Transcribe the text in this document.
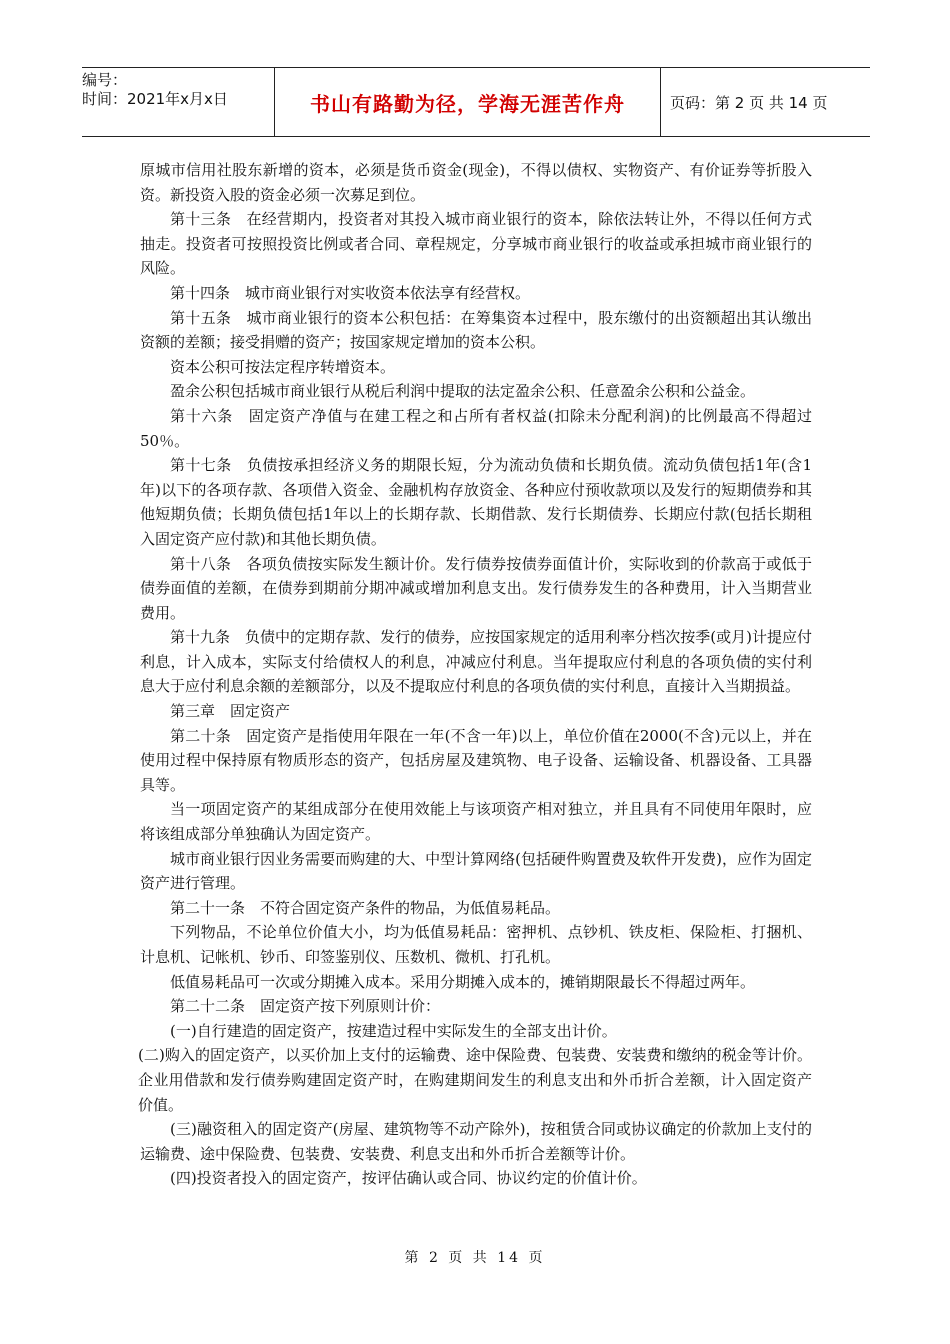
编号：
时间：2021年x月x日	书山有路勤为径，学海无涯苦作舟	页码：第 2 页 共 14 页

原城市信用社股东新增的资本，必须是货币资金(现金)，不得以债权、实物资产、有价证券等折股入资。新投资入股的资金必须一次募足到位。

第十三条　在经营期内，投资者对其投入城市商业银行的资本，除依法转让外，不得以任何方式抽走。投资者可按照投资比例或者合同、章程规定，分享城市商业银行的收益或承担城市商业银行的风险。

第十四条　城市商业银行对实收资本依法享有经营权。

第十五条　城市商业银行的资本公积包括：在筹集资本过程中，股东缴付的出资额超出其认缴出资额的差额；接受捐赠的资产；按国家规定增加的资本公积。

资本公积可按法定程序转增资本。

盈余公积包括城市商业银行从税后利润中提取的法定盈余公积、任意盈余公积和公益金。

第十六条　固定资产净值与在建工程之和占所有者权益(扣除未分配利润)的比例最高不得超过50％。

第十七条　负债按承担经济义务的期限长短，分为流动负债和长期负债。流动负债包括1年(含1年)以下的各项存款、各项借入资金、金融机构存放资金、各种应付预收款项以及发行的短期债券和其他短期负债；长期负债包括1年以上的长期存款、长期借款、发行长期债券、长期应付款(包括长期租入固定资产应付款)和其他长期负债。

第十八条　各项负债按实际发生额计价。发行债券按债券面值计价，实际收到的价款高于或低于债券面值的差额，在债券到期前分期冲减或增加利息支出。发行债券发生的各种费用，计入当期营业费用。

第十九条　负债中的定期存款、发行的债券，应按国家规定的适用利率分档次按季(或月)计提应付利息，计入成本，实际支付给债权人的利息，冲减应付利息。当年提取应付利息的各项负债的实付利息大于应付利息余额的差额部分，以及不提取应付利息的各项负债的实付利息，直接计入当期损益。

第三章　固定资产

第二十条　固定资产是指使用年限在一年(不含一年)以上，单位价值在2000(不含)元以上，并在使用过程中保持原有物质形态的资产，包括房屋及建筑物、电子设备、运输设备、机器设备、工具器具等。

当一项固定资产的某组成部分在使用效能上与该项资产相对独立，并且具有不同使用年限时，应将该组成部分单独确认为固定资产。

城市商业银行因业务需要而购建的大、中型计算网络(包括硬件购置费及软件开发费)，应作为固定资产进行管理。

第二十一条　不符合固定资产条件的物品，为低值易耗品。

下列物品，不论单位价值大小，均为低值易耗品：密押机、点钞机、铁皮柜、保险柜、打捆机、计息机、记帐机、钞币、印签鉴别仪、压数机、微机、打孔机。

低值易耗品可一次或分期摊入成本。采用分期摊入成本的，摊销期限最长不得超过两年。

第二十二条　固定资产按下列原则计价：

(一)自行建造的固定资产，按建造过程中实际发生的全部支出计价。

(二)购入的固定资产，以买价加上支付的运输费、途中保险费、包装费、安装费和缴纳的税金等计价。企业用借款和发行债券购建固定资产时，在购建期间发生的利息支出和外币折合差额，计入固定资产价值。

(三)融资租入的固定资产(房屋、建筑物等不动产除外)，按租赁合同或协议确定的价款加上支付的运输费、途中保险费、包装费、安装费、利息支出和外币折合差额等计价。

(四)投资者投入的固定资产，按评估确认或合同、协议约定的价值计价。

第 2 页 共 14 页
